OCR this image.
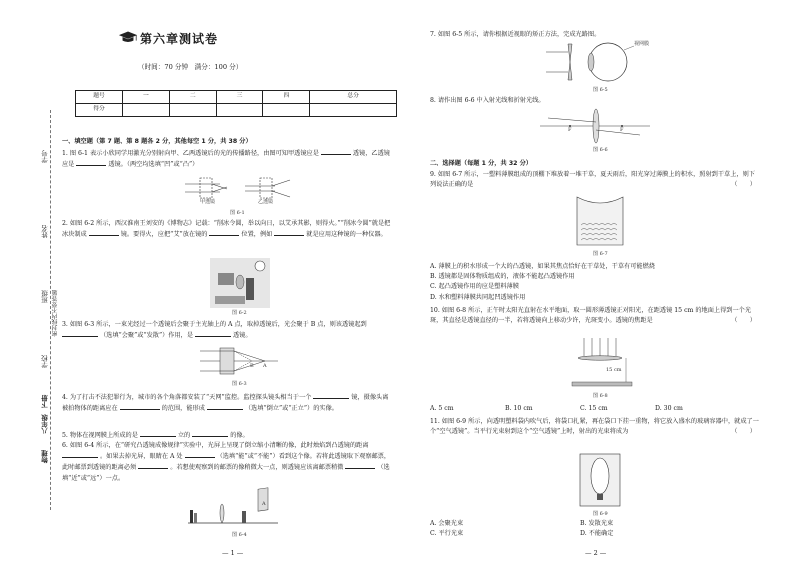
学号
姓名
班级 密封线内不要答题
学校
八年级　下册
物理
第六章测试卷
（时间：70 分钟　满分：100 分）
题号	一	二	三	四	总分
得分					
一、填空题（第 7 题、第 8 题各 2 分，其他每空 1 分，共 38 分）
1. 图 6-1 表示小欣同学用激光分别射向甲、乙两透镜后的光的传播路径，由图可知甲透镜应是	透镜，乙透镜应是	透镜。（两空均选填“凹”或“凸”）
甲透镜	乙透镜
图 6-1
2. 如图 6-2 所示，西汉淮南王刘安的《博物志》记载：“削冰令圆，举以向日，以艾承其影，则得火。”“削冰令圆”就是把冰块制成	镜。要得火，应把“艾”放在镜的	位置，例如	就是应用这种镜的一种仪器。
图 6-2
3. 如图 6-3 所示，一束光经过一个透镜后会聚于主光轴上的 A 点，取掉透镜后，光会聚于 B 点，则该透镜起到  （选填“会聚”或“发散”）作用，是	透镜。
B A
图 6-3
4. 为了打击不法犯罪行为，城市的各个角落都安装了“天网”监控。监控探头镜头相当于一个	镜，摄像头离被拍物体的距离应在	的范围，能形成	（选填“倒立”或“正立”）的实像。
5. 物体在视网膜上所成的是	立的	的像。
6. 如图 6-4 所示，在“研究凸透镜成像规律”实验中，光屏上呈现了倒立缩小清晰的像，此时烛焰到凸透镜的距离  。如果去掉光屏，眼睛在 A 处	（选填“能”或“不能”）看到这个像。若将此透镜取下观察邮票，此时邮票到透镜的距离必须	。若想使观察到的邮票的像稍微大一点，则透镜应该离邮票稍微	（选填“近”或“远”）一点。
A
图 6-4
— 1 —
7. 如图 6-5 所示，请你根据近视眼的矫正方法，完成光路图。
视网膜
图 6-5
8. 请作出图 6-6 中入射光线和折射光线。
F	F
图 6-6
二、选择题（每题 1 分，共 32 分）
9. 如图 6-7 所示，一塑料薄膜组成的顶棚下堆放着一堆干草，夏天雨后，阳光穿过薄膜上的积水，照射到干草上，则下列说法正确的是	（　　）
图 6-7
A. 薄膜上的积水形成一个大的凸透镜，如果其焦点恰好在干草处，干草有可能燃烧
B. 透镜都是固体物质组成的，液体不能起凸透镜作用
C. 起凸透镜作用的应是塑料薄膜
D. 水和塑料薄膜共同起凹透镜作用
10. 如图 6-8 所示，正午时太阳光直射在水平地面，取一圆形薄透镜正对阳光，在距透镜 15 cm 的地面上得到一个光斑，其直径是透镜直径的一半，若将透镜向上移动少许，光斑变小。透镜的焦距是	（　　）
15 cm
图 6-8
A. 5 cm	B. 10 cm	C. 15 cm	D. 30 cm
11. 如图 6-9 所示，向透明塑料袋内吹气后，将袋口扎紧，再在袋口下挂一重物，将它放入盛水的玻璃容器中，就成了一个“空气透镜”。当平行光束射到这个“空气透镜”上时，射出的光束将成为	（　　）
图 6-9
A. 会聚光束	B. 发散光束
C. 平行光束	D. 不能确定
— 2 —
